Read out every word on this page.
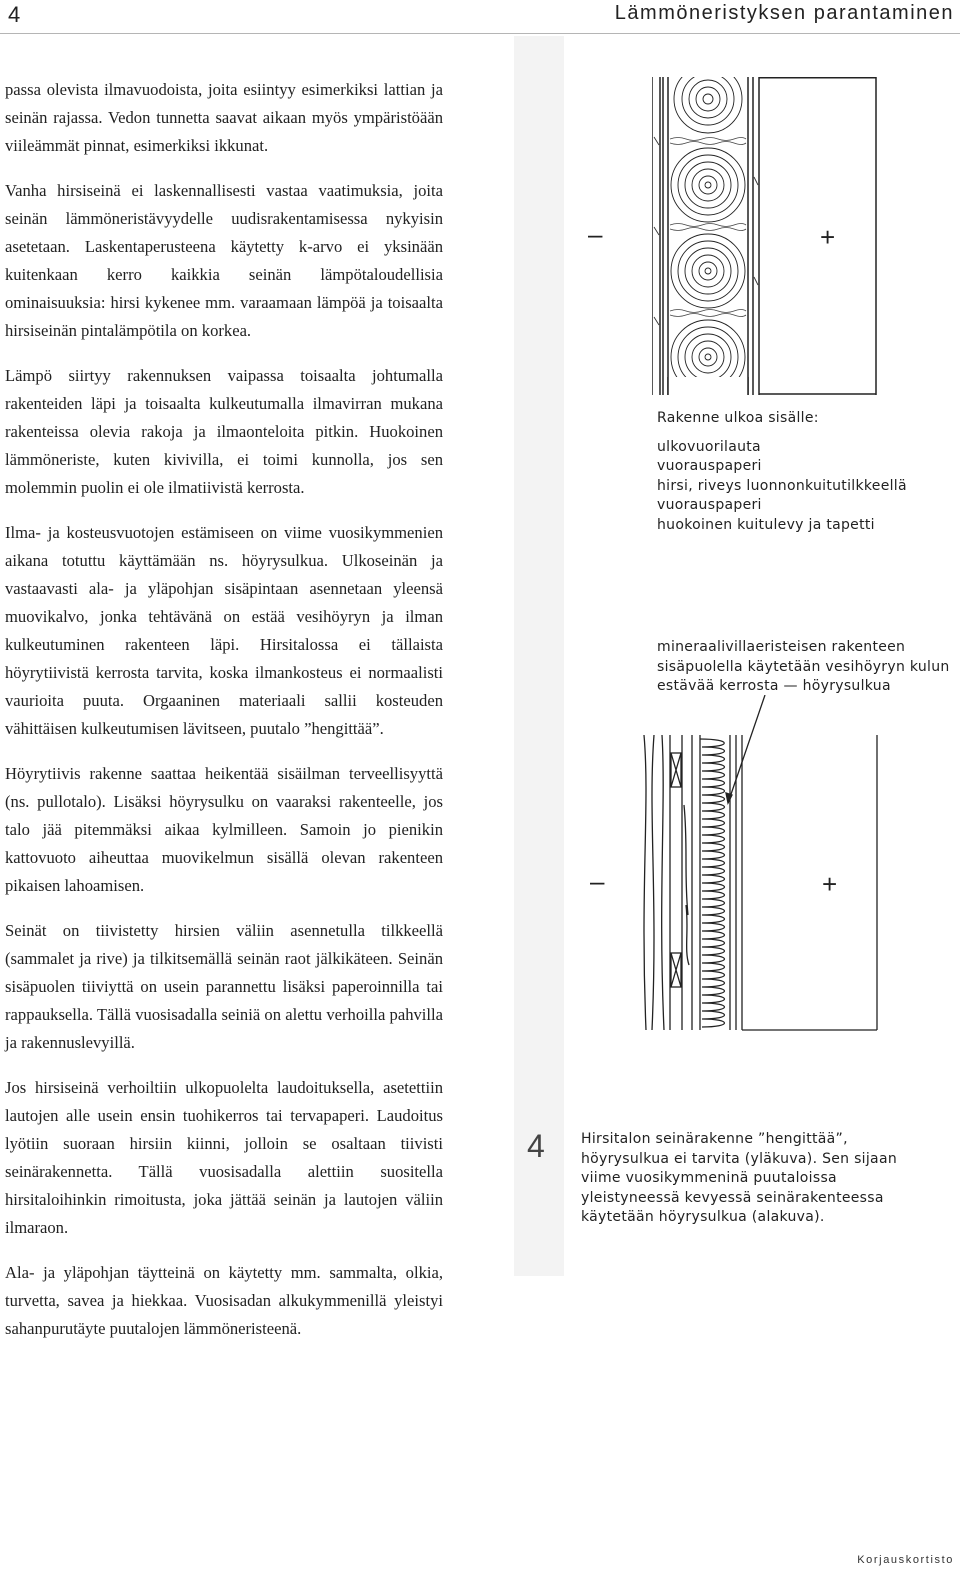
4	Lämmöneristyksen parantaminen

passa olevista ilmavuodoista, joita esiintyy esimerkiksi lattian ja seinän rajassa. Vedon tunnetta saavat aikaan myös ympäristöään viileämmät pinnat, esimerkiksi ikkunat.

Vanha hirsiseinä ei laskennallisesti vastaa vaatimuksia, joita seinän lämmöneristävyydelle uudisrakentamisessa nykyisin asetetaan. Laskentaperusteena käytetty k-arvo ei yksinään kuitenkaan kerro kaikkia seinän lämpötaloudellisia ominaisuuksia: hirsi kykenee mm. varaamaan lämpöä ja toisaalta hirsiseinän pintalämpötila on korkea.

Lämpö siirtyy rakennuksen vaipassa toisaalta johtumalla rakenteiden läpi ja toisaalta kulkeutumalla ilmavirran mukana rakenteissa olevia rakoja ja ilmaonteloita pitkin. Huokoinen lämmöneriste, kuten kivivilla, ei toimi kunnolla, jos sen molemmin puolin ei ole ilmatiivistä kerrosta.

Ilma- ja kosteusvuotojen estämiseen on viime vuosikymmenien aikana totuttu käyttämään ns. höyrysulkua. Ulkoseinän ja vastaavasti ala- ja yläpohjan sisäpintaan asennetaan yleensä muovikalvo, jonka tehtävänä on estää vesihöyryn ja ilman kulkeutuminen rakenteen läpi. Hirsitalossa ei tällaista höyrytiivistä kerrosta tarvita, koska ilmankosteus ei normaalisti vaurioita puuta. Orgaaninen materiaali sallii kosteuden vähittäisen kulkeutumisen lävitseen, puutalo ”hengittää”.

Höyrytiivis rakenne saattaa heikentää sisäilman terveellisyyttä (ns. pullotalo). Lisäksi höyrysulku on vaaraksi rakenteelle, jos talo jää pitemmäksi aikaa kylmilleen. Samoin jo pienikin kattovuoto aiheuttaa muovikelmun sisällä olevan rakenteen pikaisen lahoamisen.

Seinät on tiivistetty hirsien väliin asennetulla tilkkeellä (sammalet ja rive) ja tilkitsemällä seinän raot jälkikäteen. Seinän sisäpuolen tiiviyttä on usein parannettu lisäksi paperoinnilla tai rappauksella. Tällä vuosisadalla seiniä on alettu verhoilla pahvilla ja rakennuslevyillä.

Jos hirsiseinä verhoiltiin ulkopuolelta laudoituksella, asetettiin lautojen alle usein ensin tuohikerros tai tervapaperi. Laudoitus lyötiin suoraan hirsiin kiinni, jolloin se osaltaan tiivisti seinärakennetta. Tällä vuosisadalla alettiin suositella hirsitaloihinkin rimoitusta, joka jättää seinän ja lautojen väliin ilmaraon.

Ala- ja yläpohjan täytteinä on käytetty mm. sammalta, olkia, turvetta, savea ja hiekkaa. Vuosisadan alkukymmenillä yleistyi sahanpurutäyte puutalojen lämmöneristeenä.

–	+
Rakenne ulkoa sisälle:
ulkovuorilauta
vuorauspaperi
hirsi, riveys luonnonkuitutilkkeellä
vuorauspaperi
huokoinen kuitulevy ja tapetti
mineraalivillaeristeisen rakenteen
sisäpuolella käytetään vesihöyryn kulun
estävää kerrosta — höyrysulkua
–	+
4	Hirsitalon seinärakenne ”hengittää”,
höyrysulkua ei tarvita (yläkuva). Sen sijaan
viime vuosikymmeninä puutaloissa
yleistyneessä kevyessä seinärakenteessa
käytetään höyrysulkua (alakuva).
Korjauskortisto
